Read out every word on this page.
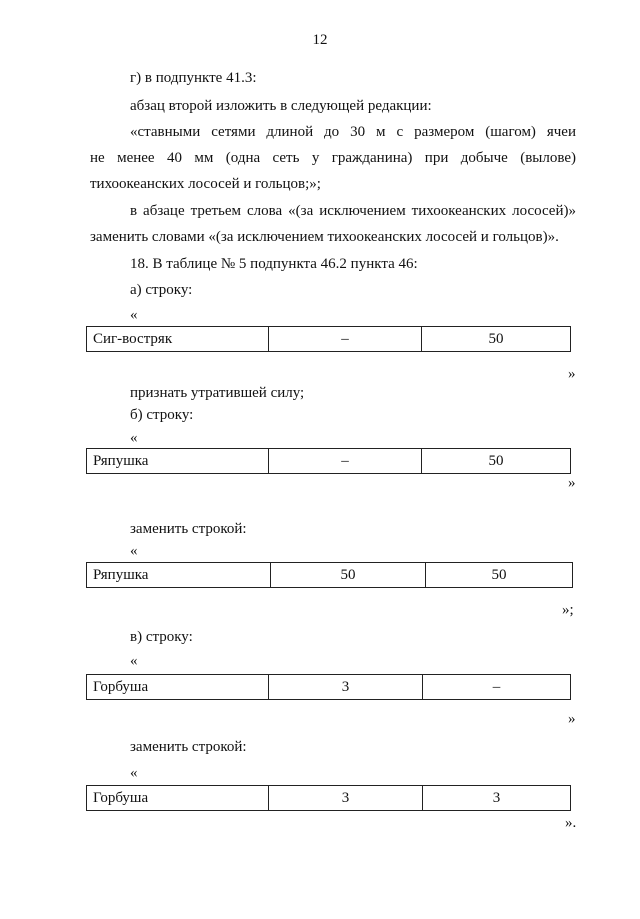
12
г) в подпункте 41.3:
абзац второй изложить в следующей редакции:
«ставными сетями длиной до 30 м с размером (шагом) ячеи
не менее 40 мм (одна сеть у гражданина) при добыче (вылове)
тихоокеанских лососей и гольцов;»;
в абзаце третьем слова «(за исключением тихоокеанских лососей)»
заменить словами «(за исключением тихоокеанских лососей и гольцов)».
18. В таблице № 5 подпункта 46.2 пункта 46:
а) строку:
«
Сиг-востряк	–	50
»
признать утратившей силу;
б) строку:
«
Ряпушка	–	50
»
заменить строкой:
«
Ряпушка	50	50
»;
в) строку:
«
Горбуша	3	–
»
заменить строкой:
«
Горбуша	3	3
».
